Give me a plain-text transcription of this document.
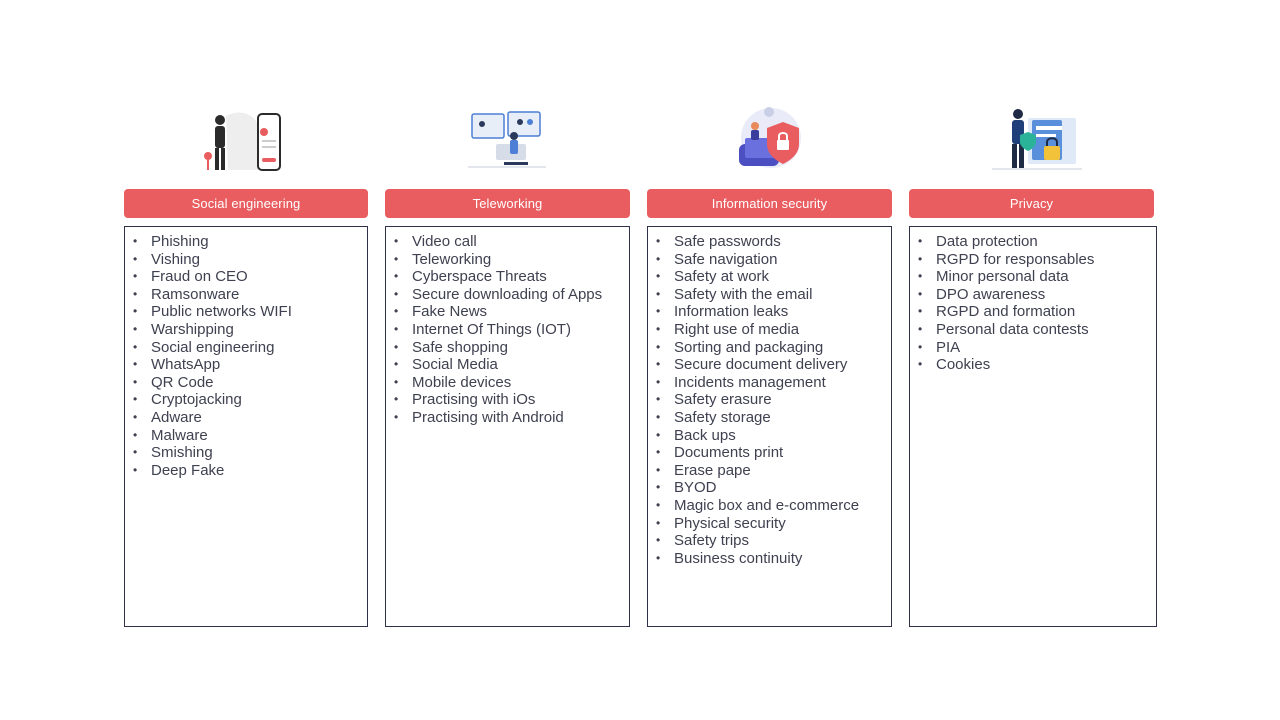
Social engineering
• Phishing
• Vishing
• Fraud on CEO
• Ramsonware
• Public networks WIFI
• Warshipping
• Social engineering
• WhatsApp
• QR Code
• Cryptojacking
• Adware
• Malware
• Smishing
• Deep Fake
Teleworking
• Video call
• Teleworking
• Cyberspace Threats
• Secure downloading of Apps
• Fake News
• Internet Of Things (IOT)
• Safe shopping
• Social Media
• Mobile devices
• Practising with iOs
• Practising with Android
Information security
• Safe passwords
• Safe navigation
• Safety at work
• Safety with the email
• Information leaks
• Right use of media
• Sorting and packaging
• Secure document delivery
• Incidents management
• Safety erasure
• Safety storage
• Back ups
• Documents print
• Erase pape
• BYOD
• Magic box and e-commerce
• Physical security
• Safety trips
• Business continuity
Privacy
• Data protection
• RGPD for responsables
• Minor personal data
• DPO awareness
• RGPD and formation
• Personal data contests
• PIA
• Cookies
